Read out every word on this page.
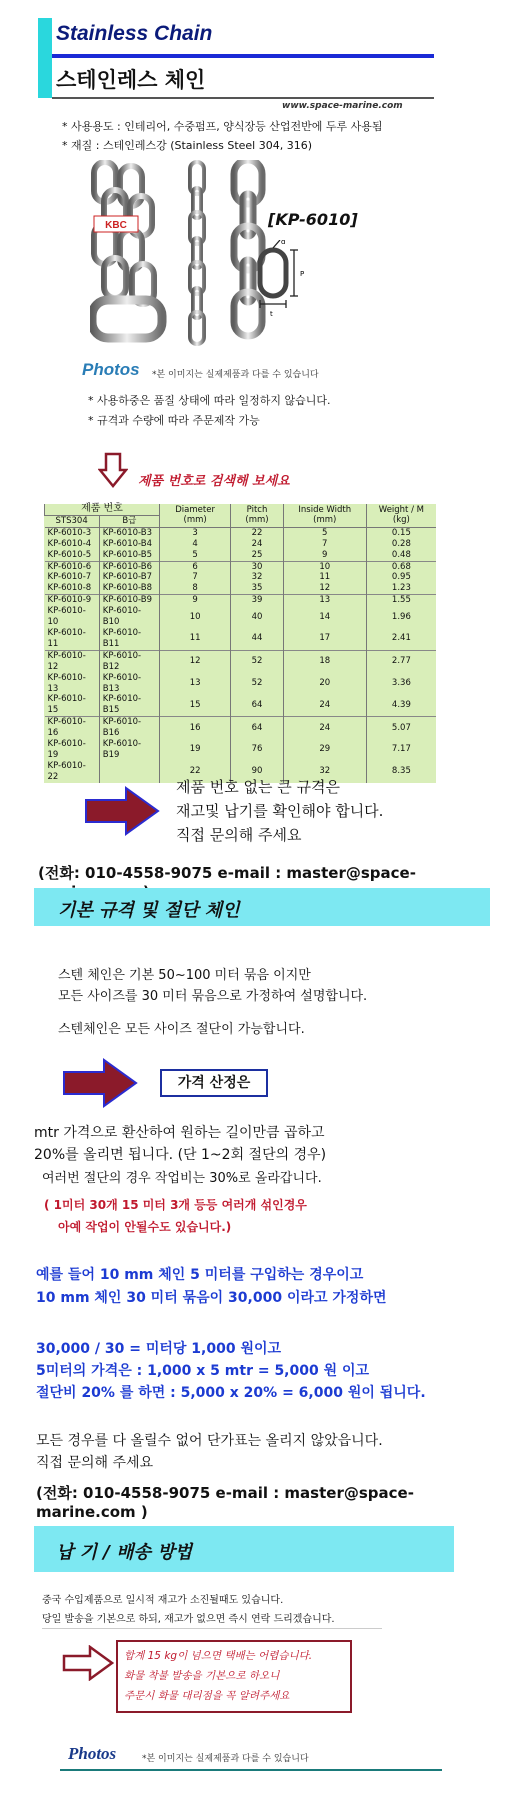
Stainless Chain
스테인레스 체인
www.space-marine.com
* 사용용도 : 인테리어, 수중펌프, 양식장등 산업전반에 두루 사용됨
* 재질 : 스테인레스강 (Stainless Steel 304, 316)
KBC	[KP-6010]
d
P
t
Photos *본 이미지는 실제제품과 다를 수 있습니다
* 사용하중은 품질 상태에 따라 일정하지 않습니다.
* 규격과 수량에 따라 주문제작 가능
제품 번호로 검색해 보세요
제품 번호		Diameter (mm)	Pitch (mm)	Inside Width (mm)	Weight / M (kg)
STS304	B급				
KP-6010-3	KP-6010-B3	3	22	5	0.15
KP-6010-4	KP-6010-B4	4	24	7	0.28
KP-6010-5	KP-6010-B5	5	25	9	0.48
KP-6010-6	KP-6010-B6	6	30	10	0.68
KP-6010-7	KP-6010-B7	7	32	11	0.95
KP-6010-8	KP-6010-B8	8	35	12	1.23
KP-6010-9	KP-6010-B9	9	39	13	1.55
KP-6010-10	KP-6010-B10	10	40	14	1.96
KP-6010-11	KP-6010-B11	11	44	17	2.41
KP-6010-12	KP-6010-B12	12	52	18	2.77
KP-6010-13	KP-6010-B13	13	52	20	3.36
KP-6010-15	KP-6010-B15	15	64	24	4.39
KP-6010-16	KP-6010-B16	16	64	24	5.07
KP-6010-19	KP-6010-B19	19	76	29	7.17
KP-6010-22		22	90	32	8.35
제품 번호 없는 큰 규격은
재고및 납기를 확인해야 합니다.
직접 문의해 주세요
(전화: 010-4558-9075 e-mail : master@space-
기본 규격 및 절단 체인
스텐 체인은 기본 50~100 미터 묶음 이지만
모든 사이즈를 30 미터 묶음으로 가정하여 설명합니다.
스텐체인은 모든 사이즈 절단이 가능합니다.
가격 산정은
mtr 가격으로 환산하여 원하는 길이만큼 곱하고
20%를 올리면 됩니다. (단 1~2회 절단의 경우)
여러번 절단의 경우 작업비는 30%로 올라갑니다.
( 1미터 30개 15 미터 3개 등등 여러개 섞인경우
아예 작업이 안될수도 있습니다.)
예를 들어 10 mm 체인 5 미터를 구입하는 경우이고
10 mm 체인 30 미터 묶음이 30,000 이라고 가정하면
30,000 / 30 = 미터당 1,000 원이고
5미터의 가격은 : 1,000 x 5 mtr = 5,000 원 이고
절단비 20% 를 하면 : 5,000 x 20% = 6,000 원이 됩니다.
모든 경우를 다 올릴수 없어 단가표는 올리지 않았읍니다.
직접 문의해 주세요
(전화: 010-4558-9075 e-mail : master@space-marine.com )
납 기 / 배송 방법
중국 수입제품으로 일시적 재고가 소진될때도 있습니다.
당일 발송을 기본으로 하되, 재고가 없으면 즉시 연락 드리겠습니다.
합계 15 kg이 넘으면 택배는 어렵습니다.
화물 착불 발송을 기본으로 하오니
주문시 화물 대리점을 꼭 알려주세요
Photos	*본 이미지는 실제제품과 다를 수 있습니다
